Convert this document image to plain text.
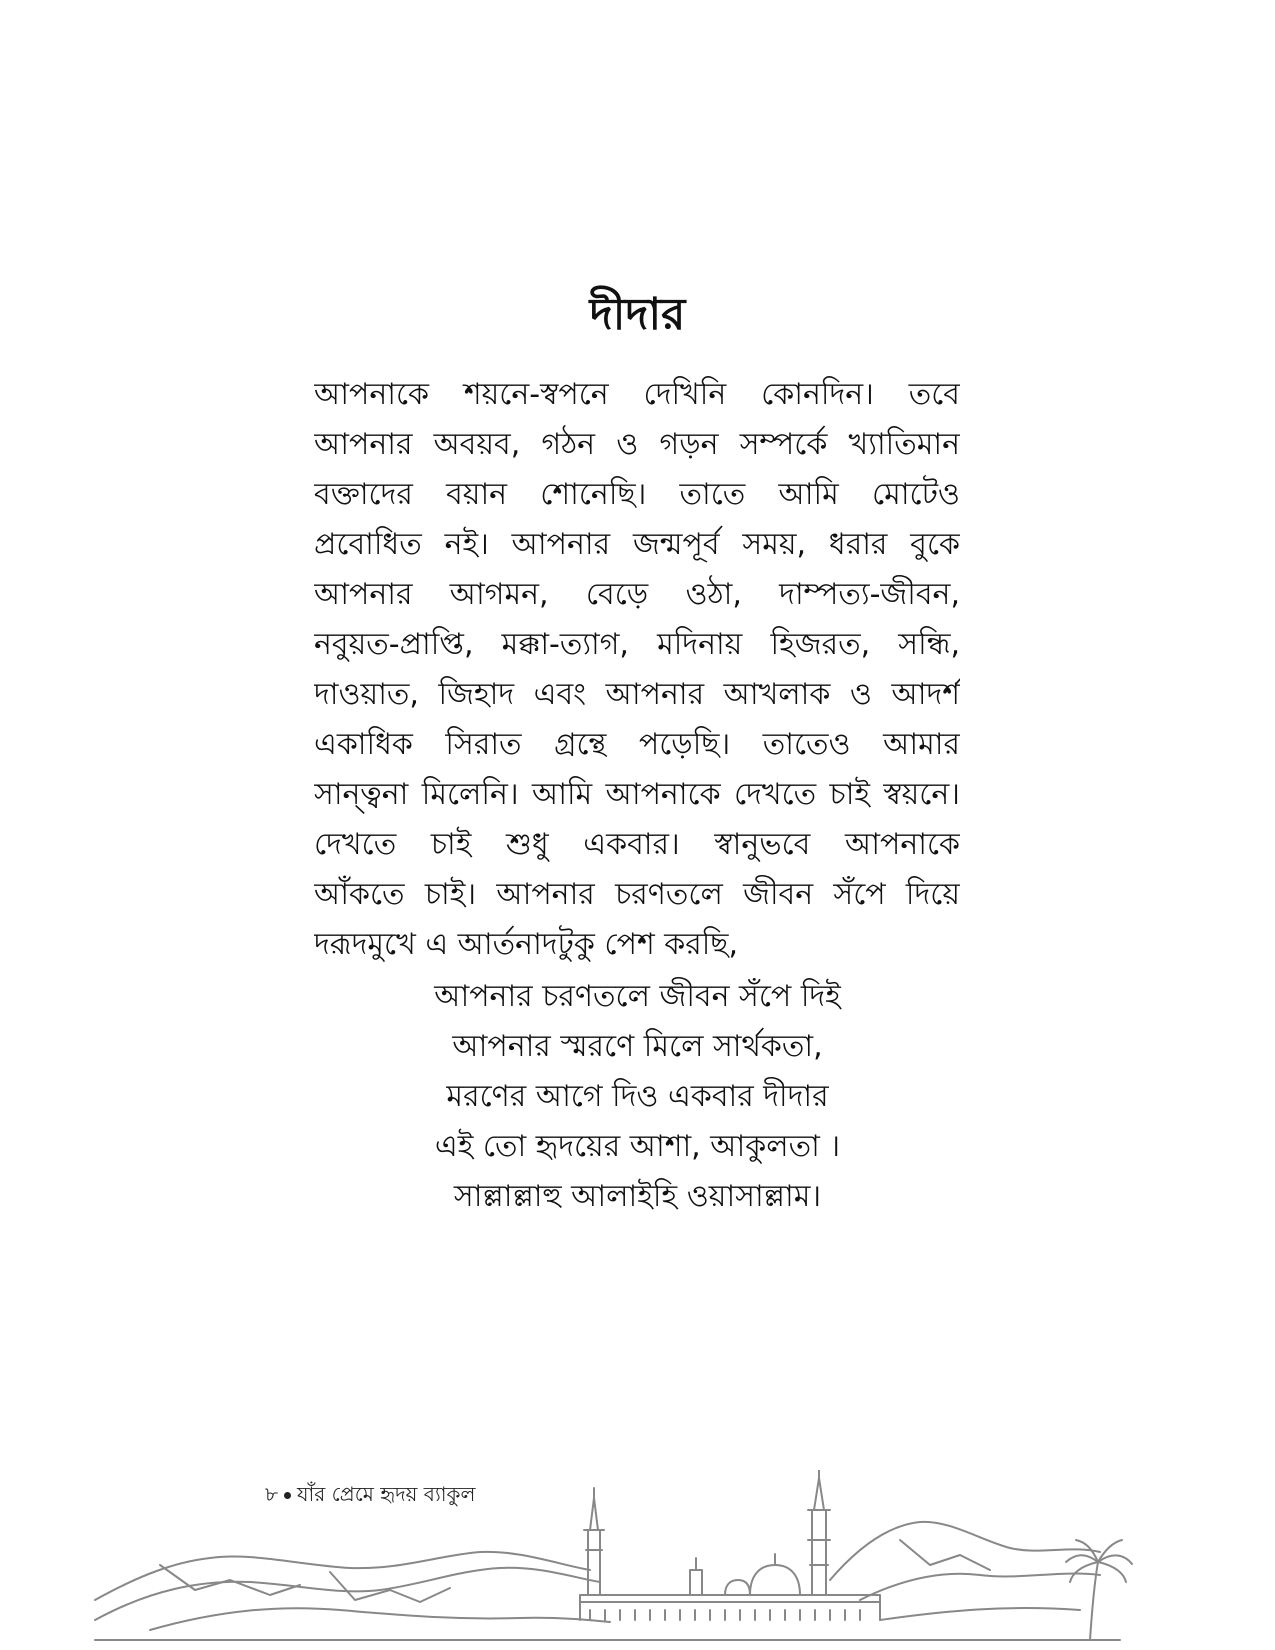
দীদার
আপনাকে শয়নে-স্বপনে দেখিনি কোনদিন। তবে
আপনার অবয়ব, গঠন ও গড়ন সম্পর্কে খ্যাতিমান
বক্তাদের বয়ান শোনেছি। তাতে আমি মোটেও
প্রবোধিত নই। আপনার জন্মপূর্ব সময়, ধরার বুকে
আপনার আগমন, বেড়ে ওঠা, দাম্পত্য-জীবন,
নবুয়ত-প্রাপ্তি, মক্কা-ত্যাগ, মদিনায় হিজরত, সন্ধি,
দাওয়াত, জিহাদ এবং আপনার আখলাক ও আদর্শ
একাধিক সিরাত গ্রন্থে পড়েছি। তাতেও আমার
সান্ত্বনা মিলেনি। আমি আপনাকে দেখতে চাই স্বয়নে।
দেখতে চাই শুধু একবার। স্বানুভবে আপনাকে
আঁকতে চাই। আপনার চরণতলে জীবন সঁপে দিয়ে
দরূদমুখে এ আর্তনাদটুকু পেশ করছি,
আপনার চরণতলে জীবন সঁপে দিই
আপনার স্মরণে মিলে সার্থকতা,
মরণের আগে দিও একবার দীদার
এই তো হৃদয়ের আশা, আকুলতা ।
সাল্লাল্লাহু আলাইহি ওয়াসাল্লাম।
৮ যাঁর প্রেমে হৃদয় ব্যাকুল
